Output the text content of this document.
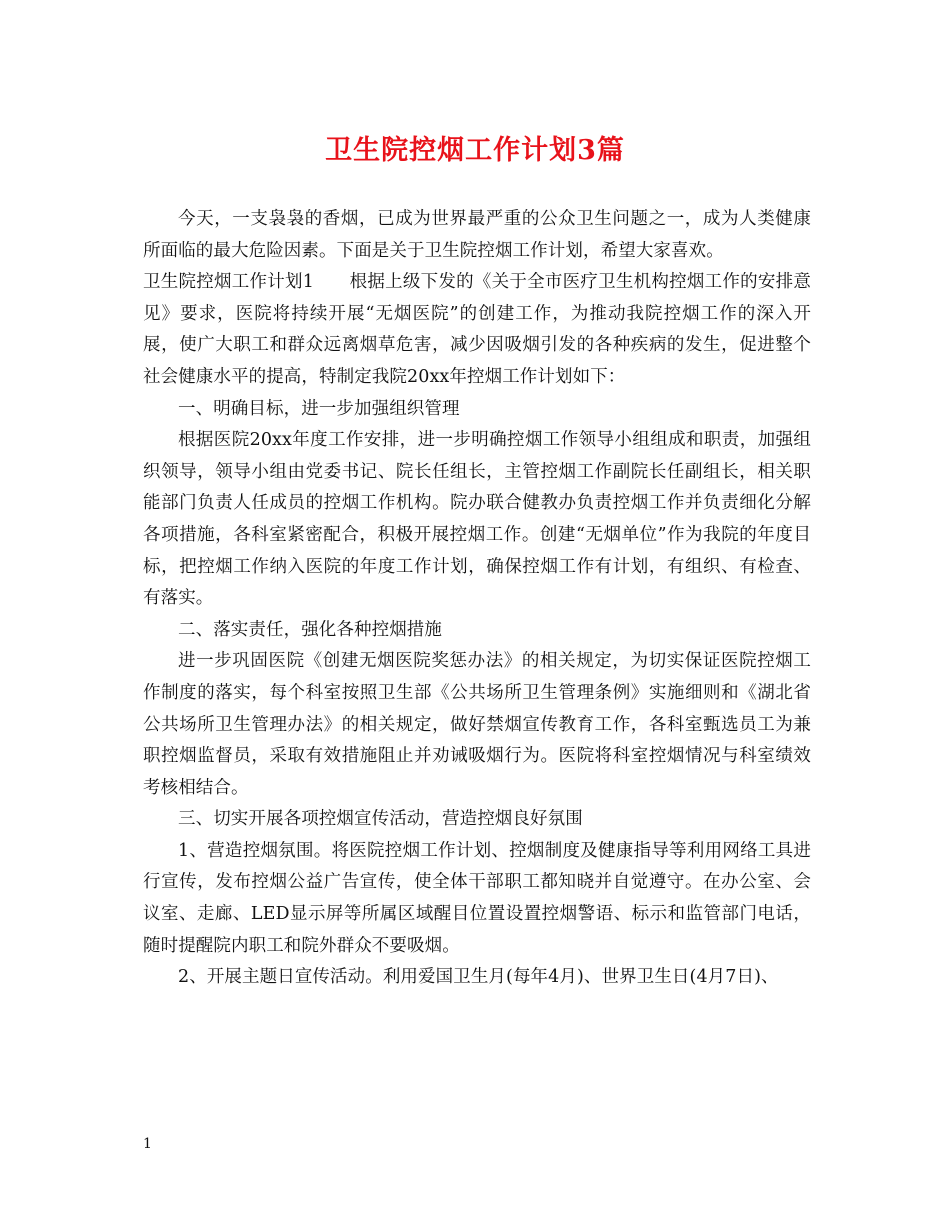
卫生院控烟工作计划3篇

今天，一支袅袅的香烟，已成为世界最严重的公众卫生问题之一，成为人类健康所面临的最大危险因素。下面是关于卫生院控烟工作计划，希望大家喜欢。

卫生院控烟工作计划1　　根据上级下发的《关于全市医疗卫生机构控烟工作的安排意见》要求，医院将持续开展“无烟医院”的创建工作，为推动我院控烟工作的深入开展，使广大职工和群众远离烟草危害，减少因吸烟引发的各种疾病的发生，促进整个社会健康水平的提高，特制定我院20xx年控烟工作计划如下：

一、明确目标，进一步加强组织管理

根据医院20xx年度工作安排，进一步明确控烟工作领导小组组成和职责，加强组织领导，领导小组由党委书记、院长任组长，主管控烟工作副院长任副组长，相关职能部门负责人任成员的控烟工作机构。院办联合健教办负责控烟工作并负责细化分解各项措施，各科室紧密配合，积极开展控烟工作。创建“无烟单位”作为我院的年度目标，把控烟工作纳入医院的年度工作计划，确保控烟工作有计划，有组织、有检查、有落实。

二、落实责任，强化各种控烟措施

进一步巩固医院《创建无烟医院奖惩办法》的相关规定，为切实保证医院控烟工作制度的落实，每个科室按照卫生部《公共场所卫生管理条例》实施细则和《湖北省公共场所卫生管理办法》的相关规定，做好禁烟宣传教育工作，各科室甄选员工为兼职控烟监督员，采取有效措施阻止并劝诫吸烟行为。医院将科室控烟情况与科室绩效考核相结合。

三、切实开展各项控烟宣传活动，营造控烟良好氛围

1、营造控烟氛围。将医院控烟工作计划、控烟制度及健康指导等利用网络工具进行宣传，发布控烟公益广告宣传，使全体干部职工都知晓并自觉遵守。在办公室、会议室、走廊、LED显示屏等所属区域醒目位置设置控烟警语、标示和监管部门电话，随时提醒院内职工和院外群众不要吸烟。

2、开展主题日宣传活动。利用爱国卫生月(每年4月)、世界卫生日(4月7日)、

1
